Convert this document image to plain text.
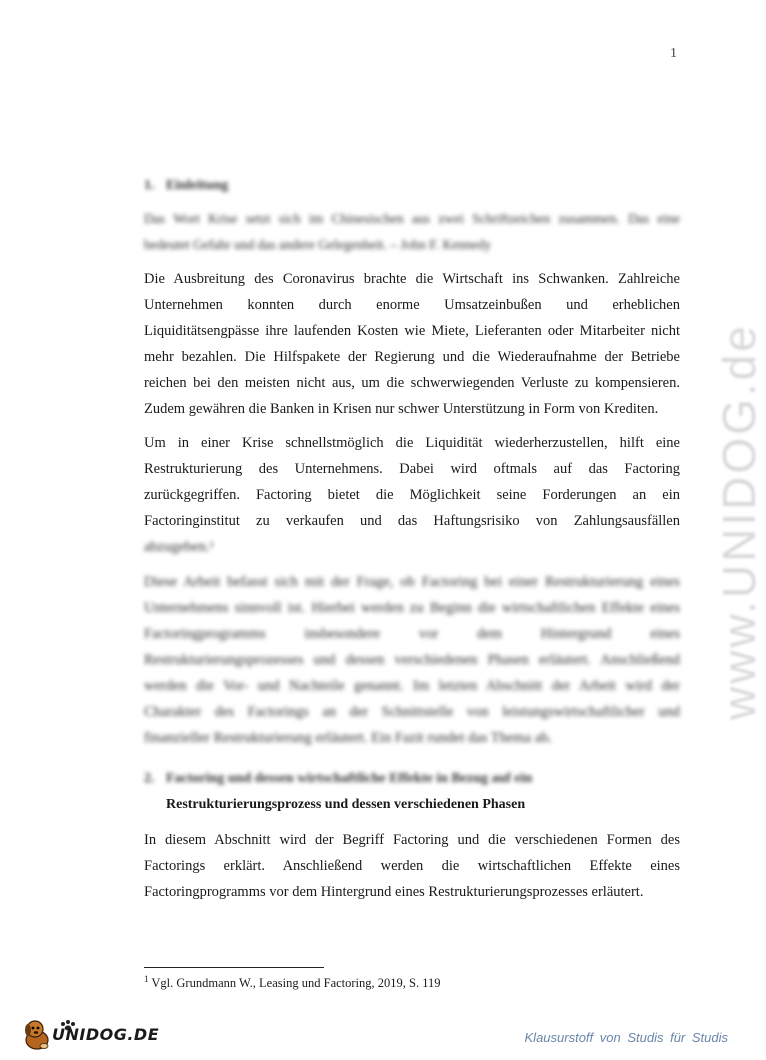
1
1. Einleitung
Das Wort Krise setzt sich im Chinesischen aus zwei Schriftzeichen zusammen. Das eine
bedeutet Gefahr und das andere Gelegenheit. – John F. Kennedy
Die Ausbreitung des Coronavirus brachte die Wirtschaft ins Schwanken. Zahlreiche
Unternehmen konnten durch enorme Umsatzeinbußen und erheblichen
Liquiditätsengpässe ihre laufenden Kosten wie Miete, Lieferanten oder Mitarbeiter nicht
mehr bezahlen. Die Hilfspakete der Regierung und die Wiederaufnahme der Betriebe
reichen bei den meisten nicht aus, um die schwerwiegenden Verluste zu kompensieren.
Zudem gewähren die Banken in Krisen nur schwer Unterstützung in Form von Krediten.
Um in einer Krise schnellstmöglich die Liquidität wiederherzustellen, hilft eine
Restrukturierung des Unternehmens. Dabei wird oftmals auf das Factoring
zurückgegriffen. Factoring bietet die Möglichkeit seine Forderungen an ein
Factoringinstitut zu verkaufen und das Haftungsrisiko von Zahlungsausfällen
abzugeben.¹
Diese Arbeit befasst sich mit der Frage, ob Factoring bei einer Restrukturierung eines
Unternehmens sinnvoll ist. Hierbei werden zu Beginn die wirtschaftlichen Effekte eines
Factoringprogramms insbesondere vor dem Hintergrund eines
Restrukturierungsprozesses und dessen verschiedenen Phasen erläutert. Anschließend
werden die Vor- und Nachteile genannt. Im letzten Abschnitt der Arbeit wird der
Charakter des Factorings an der Schnittstelle von leistungswirtschaftlicher und
finanzieller Restrukturierung erläutert. Ein Fazit rundet das Thema ab.
2. Factoring und dessen wirtschaftliche Effekte in Bezug auf ein
Restrukturierungsprozess und dessen verschiedenen Phasen
In diesem Abschnitt wird der Begriff Factoring und die verschiedenen Formen des
Factorings erklärt. Anschließend werden die wirtschaftlichen Effekte eines
Factoringprogramms vor dem Hintergrund eines Restrukturierungsprozesses erläutert.
$^1$ Vgl. Grundmann W., Leasing und Factoring, 2019, S. 119
www.UNIDOG.de
UNIDOG.DE	Klausurstoff von Studis für Studis
